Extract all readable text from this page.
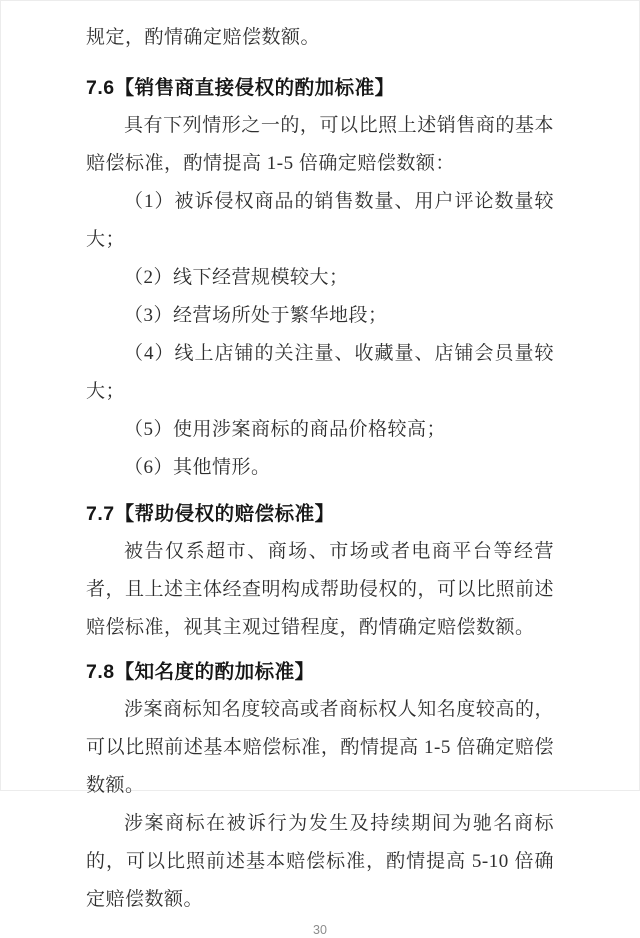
规定，酌情确定赔偿数额。

7.6【销售商直接侵权的酌加标准】

具有下列情形之一的，可以比照上述销售商的基本赔偿标准，酌情提高 1-5 倍确定赔偿数额：

（1）被诉侵权商品的销售数量、用户评论数量较大；

（2）线下经营规模较大；

（3）经营场所处于繁华地段；

（4）线上店铺的关注量、收藏量、店铺会员量较大；

（5）使用涉案商标的商品价格较高；

（6）其他情形。

7.7【帮助侵权的赔偿标准】

被告仅系超市、商场、市场或者电商平台等经营者，且上述主体经查明构成帮助侵权的，可以比照前述赔偿标准，视其主观过错程度，酌情确定赔偿数额。

7.8【知名度的酌加标准】

涉案商标知名度较高或者商标权人知名度较高的，可以比照前述基本赔偿标准，酌情提高 1-5 倍确定赔偿数额。

涉案商标在被诉行为发生及持续期间为驰名商标的，可以比照前述基本赔偿标准，酌情提高 5-10 倍确定赔偿数额。

30
